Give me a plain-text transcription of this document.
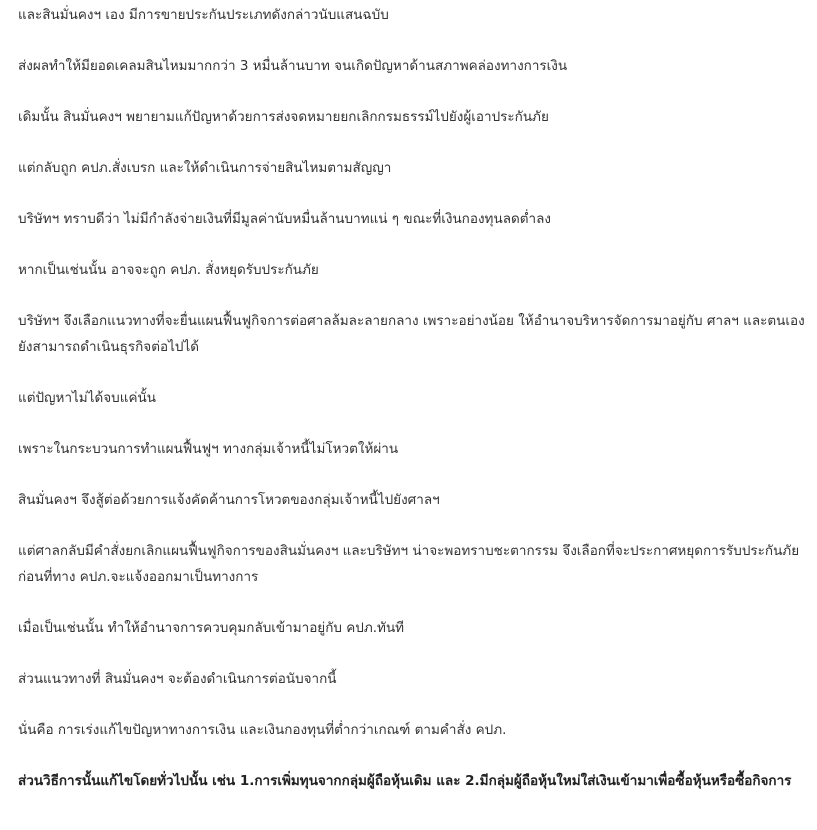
และสินมั่นคงฯ เอง มีการขายประกันประเภทดังกล่าวนับแสนฉบับ

ส่งผลทำให้มียอดเคลมสินไหมมากกว่า 3 หมื่นล้านบาท จนเกิดปัญหาด้านสภาพคล่องทางการเงิน

เดิมนั้น สินมั่นคงฯ พยายามแก้ปัญหาด้วยการส่งจดหมายยกเลิกกรมธรรม์ไปยังผู้เอาประกันภัย

แต่กลับถูก คปภ.สั่งเบรก และให้ดำเนินการจ่ายสินไหมตามสัญญา

บริษัทฯ ทราบดีว่า ไม่มีกำลังจ่ายเงินที่มีมูลค่านับหมื่นล้านบาทแน่ ๆ ขณะที่เงินกองทุนลดต่ำลง

หากเป็นเช่นนั้น อาจจะถูก คปภ. สั่งหยุดรับประกันภัย

บริษัทฯ จึงเลือกแนวทางที่จะยื่นแผนฟื้นฟูกิจการต่อศาลล้มละลายกลาง เพราะอย่างน้อย ให้อำนาจบริหารจัดการมาอยู่กับ ศาลฯ และตนเองยังสามารถดำเนินธุรกิจต่อไปได้

แต่ปัญหาไม่ได้จบแค่นั้น

เพราะในกระบวนการทำแผนฟื้นฟูฯ ทางกลุ่มเจ้าหนี้ไม่โหวตให้ผ่าน

สินมั่นคงฯ จึงสู้ต่อด้วยการแจ้งคัดค้านการโหวตของกลุ่มเจ้าหนี้ไปยังศาลฯ

แต่ศาลกลับมีคำสั่งยกเลิกแผนฟื้นฟูกิจการของสินมั่นคงฯ และบริษัทฯ น่าจะพอทราบชะตากรรม จึงเลือกที่จะประกาศหยุดการรับประกันภัยก่อนที่ทาง คปภ.จะแจ้งออกมาเป็นทางการ

เมื่อเป็นเช่นนั้น ทำให้อำนาจการควบคุมกลับเข้ามาอยู่กับ คปภ.ทันที

ส่วนแนวทางที่ สินมั่นคงฯ จะต้องดำเนินการต่อนับจากนี้

นั่นคือ การเร่งแก้ไขปัญหาทางการเงิน และเงินกองทุนที่ต่ำกว่าเกณฑ์ ตามคำสั่ง คปภ.

ส่วนวิธีการนั้นแก้ไขโดยทั่วไปนั้น เช่น 1.การเพิ่มทุนจากกลุ่มผู้ถือหุ้นเดิม และ 2.มีกลุ่มผู้ถือหุ้นใหม่ใส่เงินเข้ามาเพื่อซื้อหุ้นหรือซื้อกิจการ
